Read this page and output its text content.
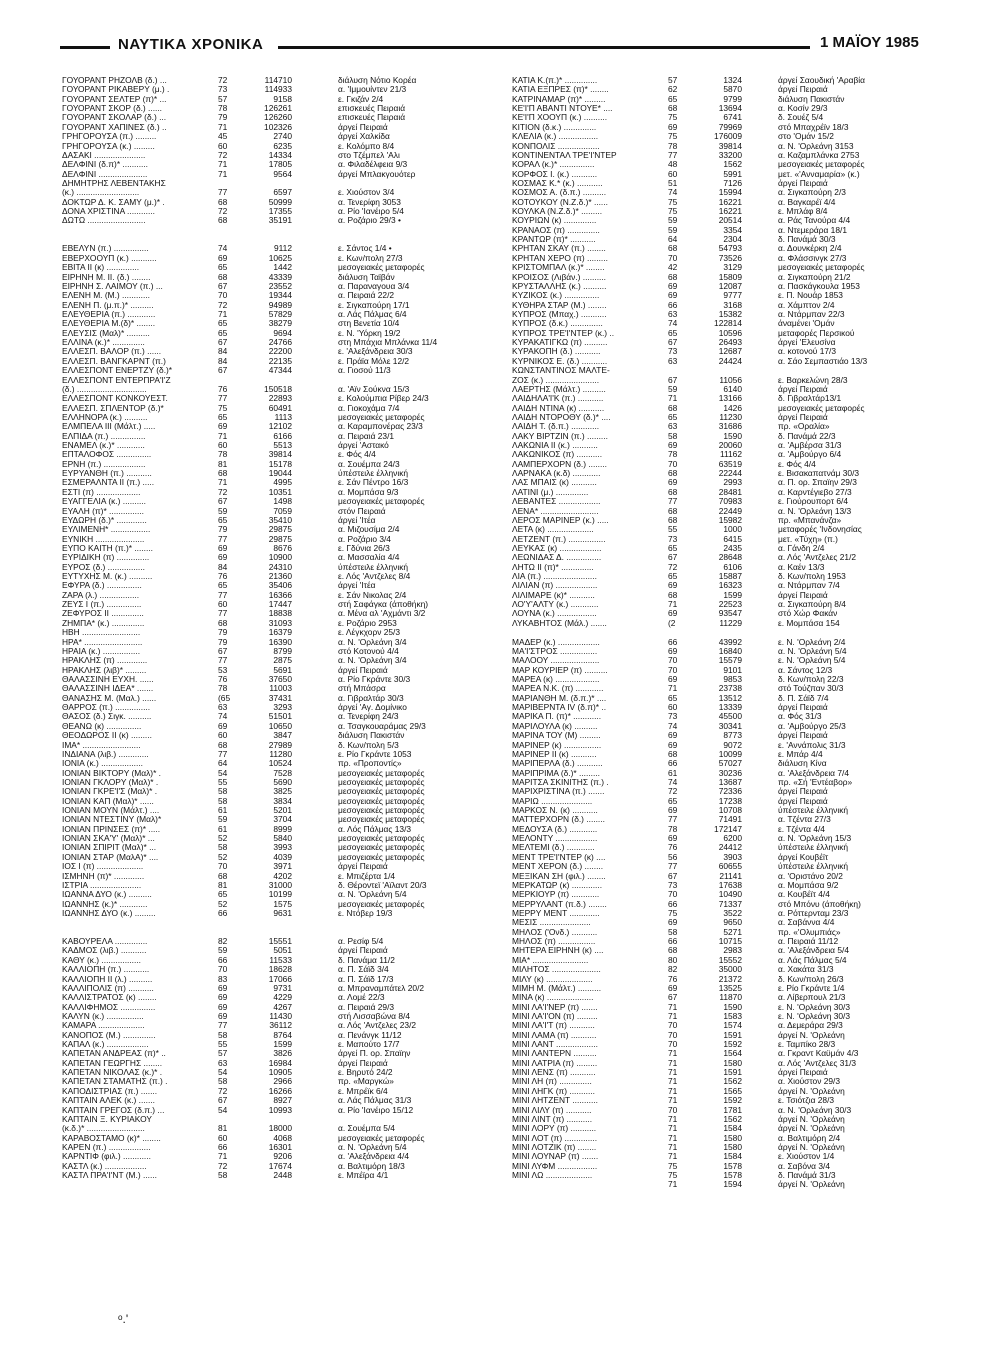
ΝΑΥΤΙΚΑ ΧΡΟΝΙΚΑ	1 ΜΑΪΟΥ 1985
ΓΟΥΟΡΑΝΤ ΡΗΖΟΛΒ (δ.) ...	72	114710	διάλυση Νότιο Κορέα
ΓΟΥΟΡΑΝΤ ΡΙΚΑΒΕΡΥ (μ.) .	73	114933	α. 'Ιμμουίντεν 21/3
ΓΟΥΟΡΑΝΤ ΣΕΛΤΕΡ (π)* ...	57	9158	ε. Γκιζάν 2/4
ΓΟΥΟΡΑΝΤ ΣΚΟΡ (δ.) ......	78	126261	επισκευές Πειραιά
ΓΟΥΟΡΑΝΤ ΣΚΟΛΑΡ (δ.) ...	79	126260	επισκευές Πειραιά
ΓΟΥΟΡΑΝΤ ΧΑΠΙΝΕΣ (δ.) ..	71	102326	άργεί Πειραιά
ΓΡΗΓΟΡΟΥΣΑ (π.) .........	45	2740	άργεί Χαλκίδα
ΓΡΗΓΟΡΟΥΣΑ (κ.) .........	60	6235	ε. Κολόμπο 8/4
ΔΑΣΑΚΙ ......................	72	14334	στο Τζέμπελ 'Αλι
ΔΕΛΦΙΝΙ (δ.π)* ...........	71	17805	α. Φιλαδέλφεια 9/3
ΔΕΛΦΙΝΙ .....................	71	9564	άργεί Μπλακγουότερ
ΔΗΜΗΤΡΗΣ ΛΕΒΕΝΤΑΚΗΣ
(κ.) ...........................	77	6597	ε. Χιούστον 3/4
ΔΟΚΤΩΡ Δ. Κ. ΣΑΜΥ (μ.)* .	68	50999	α. Τενερίφη 3053
ΔΟΝΑ ΧΡΙΣΤΙΝΑ ............	72	17355	α. Ρίο 'Ιανέιρο 5/4
ΔΩΤΩ .........................	68	35191	α. Ροζάριο 29/3 •
ΕΒΕΛΥΝ (π.) ...............	74	9112	ε. Σάντος 1/4 •
ΕΒΕΡΧΟΟΥΠ (κ.) ...........	69	10625	ε. Κων/πολη 27/3
ΕΒΙΤΑ II (κ) ..............	65	1442	μεσογειακές μεταφορές
ΕΙΡΗΝΗ Μ. II. (δ.) ........	68	43339	διάλυση Ταϊβάν
ΕΙΡΗΝΗ Σ. ΛΑΙΜΟΥ (π.) ...	67	23552	α. Παραναγουα 3/4
ΕΛΕΝΗ Μ. (Μ.) ............	70	19344	α. Πειραιά 22/2
ΕΛΕΝΗ Π. (μ.π.)* ..........	72	94989	ε. Σιγκαπούρη 17/1
ΕΛΕΥΘΕΡΙΑ (π.) ............	71	57829	α. Λάς Πάλμας 6/4
ΕΛΕΥΘΕΡΙΑ Μ.(δ)* ........	65	38279	στη Βενετία 10/4
ΕΛΕΥΣΙΣ (Μαλ)* ..........	65	9694	ε. Ν. 'Υόρκη 19/2
ΕΛΛΙΝΑ (κ.)* ..............	67	24766	στη Μπάχια Μπλάνκα 11/4
ΕΛΛΕΣΠ. ΒΑΛΟΡ (π.) ......	84	22200	ε. 'Αλεξάνδρεια 30/3
ΕΛΛΕΣΠ. ΒΑΝΓΚΑΡΝΤ (π.)	84	22135	ε. Πράϊα Μόλε 12/2
ΕΛΛΕΣΠΟΝΤ ΕΝΕΡΤΖΥ (δ.)*	67	47344	α. Γιοσού 11/3
ΕΛΛΕΣΠΟΝΤ ΕΝΤΕΡΠΡΑ'Ι'Ζ
(δ.) ..............................	76	150518	α. 'Αϊν Σούκνα 15/3
ΕΛΛΕΣΠΟΝΤ ΚΟΝΚΟΥΕΣΤ.	77	22893	ε. Κολούμπια Ρίβερ 24/3
ΕΛΛΕΣΠ. ΣΠΛΕΝΤΟΡ (δ.)*	75	60491	α. Γιοκοχάμα 7/4
ΕΛΛΗΝΟΡΑ (κ.) ..........	65	1113	μεσογειακές μεταφορές
ΕΛΜΠΕΛΑ III (Μάλτ.) .....	69	12102	α. Καραμπονέρας 23/3
ΕΛΠΙΔΑ (π.) ...............	71	6166	α. Πειραιά 23/1
ΕΝΑΜΕΛ (κ.)* ............	60	5513	άργεί 'Αστακό
ΕΠΤΑΛΟΦΟΣ ...............	78	39814	ε. Φός 4/4
ΕΡΝΗ (π.) ..................	81	15178	α. Σουέμπα 24/3
ΕΥΡΥΑΝΘΗ (π.) ...........	68	19044	ύπέστειλε έλληνική
ΕΣΜΕΡΑΛΝΤΑ II (π.) .....	71	4995	ε. Σάν Πέντρο 16/3
ΕΣΤΙ (π) ...................	72	10351	α. Μομπάσα 9/3
ΕΥΑΓΓΕΛΙΑ (κ.) ..........	67	1498	μεσογειακές μεταφορές
ΕΥΑΛΗ (π)* ...............	59	7059	στόν Πειραιά
ΕΥΔΩΡΗ (δ.)* .............	65	35410	άργεί 'Ιτέα
ΕΥΛΙΜΕΝΗ* .................	79	29875	α. Μιζουσίμα 2/4
ΕΥΝΙΚΗ .....................	77	29875	α. Ροζάριο 3/4
ΕΥΠΟ ΚΑΙΤΗ (π.)* ........	69	8676	ε. Γδύνια 26/3
ΕΥΡΙΔΙΚΗ (π) ..............	69	10900	α. Μασσαλία 4/4
ΕΥΡΟΣ (δ.) ................	84	24310	ύπέστειλε έλληνική
ΕΥΤΥΧΗΣ Μ. (κ.) ..........	76	21360	ε. Λός 'Αντζελες 8/4
ΕΦΥΡΑ (δ.) ...............	65	35406	άργεί 'Ιτέα
ΖΑΡΑ (λ.) .................	77	16366	ε. Σάν Νικολας 2/4
ΖΕΥΣ I (π.) ...............	60	17447	στή Σαφάγκα (άποθήκη)
ΖΕΦΥΡΟΣ II ..............	77	18838	α. Μένα αλ 'Αχμάντι 3/2
ΖΗΜΠΑ* (κ.) ..............	68	31093	ε. Ροζάριο 2953
ΗΒΗ .........................	79	16379	ε. Λέγκχορν 25/3
ΗΡΑ* .........................	79	16390	α. Ν. 'Ορλεάνη 3/4
ΗΡΑΙΑ (κ.) ................	67	8799	στό Κοτονού 4/4
ΗΡΑΚΛΗΣ (π) .............	77	2875	α. Ν. 'Ορλεάνη 3/4
ΗΡΑΚΛΗΣ (λιβ)* .........	53	5691	άργεί Πειραιά
ΘΑΛΑΣΣΙΝΗ ΕΥΧΗ. ......	76	37650	α. Ρίο Γκράντε 30/3
ΘΑΛΑΣΣΙΝΗ ΙΔΕΑ* .......	78	11003	στή Μπάσρα
ΘΑΝΑΣΗΣ Μ. (Μαλ.) ......	(65	37431	α. Γιβραλτάρ 30/3
ΘΑΡΡΟΣ (π.) ...............	63	3293	άργεί 'Αγ. Δομίνικο
ΘΑΣΟΣ (δ.) Σιγκ. ..........	74	51501	α. Τενερίφη 24/3
ΘΕΑΝΩ (κ) ...............	69	10650	α. Τσαγκουαράμας 29/3
ΘΕΟΔΩΡΟΣ II (κ) .........	60	3847	διάλυση Πακιστάν
ΙΜΑ* .........................	68	27989	δ. Κων/πολη 5/3
ΙΝΔΙΑΝΑ (λιβ.) .............	77	11280	ε. Ρίο Γκράντε 1053
ΙΟΝΙΑ (κ.) ..................	64	10524	πρ. «Προποντίς»
ΙΟΝΙΑΝ ΒΙΚΤΟΡΥ (Μαλ)* .	54	7528	μεσογειακές μεταφορές
ΙΟΝΙΑΝ ΓΚΛΟΡΥ (Μαλ)* .	55	5690	μεσογειακές μεταφορές
ΙΟΝΙΑΝ ΓΚΡΕ'Ι'Σ (Μαλ)* .	58	3825	μεσογειακές μεταφορές
ΙΟΝΙΑΝ ΚΑΠ (Μαλ)* ......	58	3834	μεσογειακές μεταφορές
ΙΟΝΙΑΝ ΜΟΥΝ (Μάλτ.) ....	61	5201	μεσογειακές μεταφορές
ΙΟΝΙΑΝ ΝΤΕΣΤΙΝΥ (Μαλ)*	59	3704	μεσογειακές μεταφορές
ΙΟΝΙΑΝ ΠΡΙΝΣΕΣ (π)* .....	61	8999	α. Λός Πάλμας 13/3
ΙΟΝΙΑΝ ΣΚΑ'Υ' (Μαλ)* ...	52	5840	μεσογειακές μεταφορές
ΙΟΝΙΑΝ ΣΠΙΡΙΤ (Μαλ)* ...	58	3993	μεσογειακές μεταφορές
ΙΟΝΙΑΝ ΣΤΑΡ (ΜαλΑ)* ....	52	4039	μεσογειακές μεταφορές
ΙΟΣ I (π) ....................	70	3971	άργεί Πειραιά
ΙΣΜΗΝΗ (π)* .............	68	4202	ε. Μπιζέρτα 1/4
ΙΣΤΡΙΑ ......................	81	31000	δ. Θέροντεϊ 'Αϊλαντ 20/3
ΙΩΑΝΝΑ ΔΥΟ (κ.) ..........	65	10199	α. Ν. 'Ορλεάνη 5/4
ΙΩΑΝΝΗΣ (κ.)* ............	52	1575	μεσογειακές μεταφορές
ΙΩΑΝΝΗΣ ΔΥΟ (κ.) .........	66	9631	ε. Ντόβερ 19/3
ΚΑΒΟΥΡΕΛΑ ..............	82	15551	α. Ρεσίφ 5/4
ΚΑΔΜΟΣ (λιβ.) ...........	59	5051	άργεί Πειραιά
ΚΑΘΥ (κ.) .................	66	11533	δ. Πανάμα 11/2
ΚΑΛΛΙΟΠΗ (π.) ...........	70	18628	α. Π. Σάϊδ 3/4
ΚΑΛΛΙΟΠΗ II (λ.) ..........	83	17066	α. Π. Σάϊδ 17/3
ΚΑΛΛΙΠΟΛΙΣ (π) ...........	69	9731	α. Μπραναμπάτελ 20/2
ΚΑΛΛΙΣΤΡΑΤΟΣ (κ) ........	69	4229	α. Λομέ 22/3
ΚΑΛΛΙΦΗΜΟΣ ...............	69	4267	α. Πειραιά 29/3
ΚΑΛΥΝ (κ.) ................	69	11430	στή Λισσαβώνα 8/4
ΚΑΜΑΡΑ ....................	77	36112	α. Λός 'Αντζελες 23/2
ΚΑΝΟΠΟΣ (Μ.) ..............	58	8764	α. Πενάνγκ 11/12
ΚΑΠΑΛ (κ.) ..................	55	1599	ε. Μαπούτο 17/7
ΚΑΠΕΤΑΝ ΑΝΔΡΕΑΣ (π)* ..	57	3826	άργεί Π. ορ. Σπαϊην
ΚΑΠΕΤΑΝ ΓΕΩΡΓΗΣ ........	63	16984	άργεί Πειραιά
ΚΑΠΕΤΑΝ ΝΙΚΟΛΑΣ (κ.)* .	54	10905	ε. Βηρυτό 24/2
ΚΑΠΕΤΑΝ ΣΤΑΜΑΤΗΣ (π.) .	58	2966	πρ. «Μαργκώ»
ΚΑΠΟΔΙΣΤΡΙΑΣ (π.) .......	72	16266	ε. Μπρέϊκ 6/4
ΚΑΠΤΑΙΝ ΑΛΕΚ (κ.) .......	67	8927	α. Λάς Πάλμας 31/3
ΚΑΠΤΑΙΝ ΓΡΕΓΟΣ (δ.π.) ...	54	10993	α. Ρίο 'Ιανέιρο 15/12
ΚΑΠΤΑΙΝ Ξ. ΚΥΡΙΑΚΟΥ
(κ.δ.)* .........................	81	18000	α. Σουέμπα 5/4
ΚΑΡΑΒΟΣΤΑΜΟ (κ)* ........	60	4068	μεσογειακές μεταφορές
ΚΑΡΕΝ (π.) ..................	66	16301	α. Ν. 'Ορλεάνη 5/4
ΚΑΡΝΤΙΦ (φιλ.) ............	71	9206	α. 'Αλεξάνδρεια 4/4
ΚΑΣΤΛ (κ.) ..................	72	17674	α. Βαλτιμόρη 18/3
ΚΑΣΤΛ ΠΡΑ'Ι'ΝΤ (Μ.) ......	58	2448	ε. Μπέϊρα 4/1
ΚΑΤΙΑ Κ.(π.)* ..............	57	1324	άργεί Σαουδική 'Αραβία
ΚΑΤΙΑ ΕΞΠΡΕΣ (π)* ........	62	5870	άργεί Πειραιά
ΚΑΤΡΙΝΑΜΑΡ (π)* .........	65	9799	διάλυση Πακιστάν
ΚΕ'Ι'Π ΑΒΑΝΤΙ ΝΤΟΥΕ* ....	68	13694	α. Κοσίν 29/3
ΚΕ'Ι'Π ΧΟΟΥΠ (κ.) ..........	75	6741	δ. Σουέζ 5/4
ΚΙΤΙΟΝ (δ.κ.) ..............	69	79969	στό Μπαχρέϊν 18/3
ΚΛΕΛΙΑ (κ.) .................	75	176009	στο 'Ομάν 15/2
ΚΟΝΠΟΛΙΣ ..................	78	39814	α. Ν. 'Ορλεάνη 3153
ΚΟΝΤΙΝΕΝΤΑΛ ΤΡΕ'Ι'ΝΤΕΡ	77	33200	α. Καζαμπλάνκα 2753
ΚΟΡΑΛ (κ.)* ...............	48	1562	μεσογειακές μεταφορές
ΚΟΡΦΟΣ I. (κ.) ...........	60	5991	μετ. «'Ανναμαρία» (κ.)
ΚΟΣΜΑΣ Κ.* (κ.) ...........	51	7126	άργεί Πειραιά
ΚΟΣΜΟΣ Α. (δ.π.) ..........	74	15994	α. Σιγκαπούρη 2/3
ΚΟΤΟΥΚΟΥ (Ν.Ζ.δ.)* ......	75	16221	α. Βαγκαρέϊ 4/4
ΚΟΥΛΚΑ (Ν.Ζ.δ.)* .........	75	16221	ε. Μπλάφ 8/4
ΚΟΥΡΙΩΝ (κ) ..............	59	20514	α. Ράς Τανούρα 4/4
ΚΡΑΝΑΟΣ (π) ..............	59	3354	α. Ντεμεράρα 18/1
ΚΡΑΝΤΩΡ (π)* ...........	64	2304	δ. Πανάμά 30/3
ΚΡΗΤΑΝ ΣΚΑΥ (π.) ........	68	54793	α. Δουνκέρκη 2/4
ΚΡΗΤΑΝ ΧΕΡΟ (π) .........	70	73526	α. Φλάσσινγκ 27/3
ΚΡΙΣΤΟΜΠΑΛ (κ.)* ........	42	3129	μεσογειακές μεταφορές
ΚΡΟΙΣΟΣ (Λιβάν.) ..........	68	15809	α. Σιγκαπούρη 21/2
ΚΡΥΣΤΑΛΛΗΣ (κ.) ..........	69	12087	α. Πασκάγκουλα 1953
ΚΥΖΙΚΟΣ (κ.) ...............	69	9777	ε. Π. Νουάρ 1853
ΚΥΘΗΡΑ ΣΤΑΡ (Μ.) ........	66	3168	α. Χάμπτον 2/4
ΚΥΠΡΟΣ (Μπαχ.) ...........	63	15382	α. Ντάρμπαν 22/3
ΚΥΠΡΟΣ (δ.κ.) ..............	74	122814	άναμένει 'Ομάν
ΚΥΠΡΟΣ ΤΡΕ'Ι'ΝΤΕΡ (κ.) ..	65	10596	μεταφορές Περσικού
ΚΥΡΑΚΑΤΙΓΚΩ (π) ..........	67	26493	άργεί 'Ελευσίνα
ΚΥΡΑΚΟΠΗ (δ.) ...........	73	12687	α. κοτονού 17/3
ΚΥΡΝΙΚΟΣ Ε. (δ.) ...........	63	24424	α. Σάο Σεμπαστιάο 13/3
ΚΩΝΣΤΑΝΤΙΝΟΣ ΜΑΛΤΕ-
ΖΟΣ (κ.) .......................	67	11056	ε. Βαρκελώνη 28/3
ΛΑΕΡΤΗΣ (Μάλτ.) ..........	59	6140	άργεί Πειραιά
ΛΑΙΔΗΛΑ'Ι'Κ (π.) ...........	71	13166	δ. Γιβραλτάρ13/1
ΛΑΙΔΗ ΝΤΙΝΑ (κ) ...........	68	1426	μεσογειακές μεταφορές
ΛΑΙΔΗ ΝΤΟΡΟΘΥ (δ.)* ....	65	11230	άργεί Πειραιά
ΛΑΙΔΗ Τ. (δ.π.) ............	63	31686	πρ. «Οραλία»
ΛΑΚΥ ΒΙΡΤΖΙΝ (π.) .........	58	1590	δ. Πανάμά 22/3
ΛΑΚΩΝΙΑ II (κ.) ...........	69	20060	α. 'Αμβέρσα 31/3
ΛΑΚΩΝΙΚΟΣ (π) ...........	78	11162	α. 'Αμβούργο 6/4
ΛΑΜΠΕΡΧΟΡΝ (δ.) ........	70	63519	ε. Φός 4/4
ΛΑΡΝΑΚΑ (κ.δ) ............	68	22244	ε. Βισακαπατνάμ 30/3
ΛΑΣ ΜΠΑΙΣ (κ) ...........	69	2993	α. Π. ορ. Σπαϊην 29/3
ΛΑΤΙΝΙ (μ.) ..............	68	28481	α. Καρντέγιεβο 27/3
ΛΕΒΑΝΤΕΣ ..................	77	70983	ε. Γιούρουπορτ 6/4
ΛΕΝΑ* .........................	68	22449	α. Ν. 'Ορλεάνη 13/3
ΛΕΡΟΣ ΜΑΡΙΝΕΡ (κ.) .....	68	15982	πρ. «Μπανάνζα»
ΛΕΤΑ (κ) ....................	55	1000	μεταφορές 'Ινδονησίας
ΛΕΤΖΕΝΤ (π.) ................	73	6415	μετ. «Τύχη» (π.)
ΛΕΥΚΑΣ (κ) ..................	65	2435	α. Γάνδη 2/4
ΛΕΩΝΙΔΑΣ Δ. ...............	67	28648	α. Λός 'Αντζελες 21/2
ΛΗΤΩ II (π)* ..............	72	6106	α. Καέν 13/3
ΛΙΑ (π.) .......................	65	15887	δ. Κων/πολη 1953
ΛΙΛΙΑΝ (π) ..................	69	16323	α. Ντάρμπαν 7/4
ΛΙΛΙΜΑΡΕ (κ)* ...........	68	1599	άργεί Πειραιά
ΛΟ'Υ'ΑΛΤΥ (κ.) ............	71	22523	α. Σιγκαπούρη 8/4
ΛΟΥΝΑ (κ.) .................	69	93547	στό Χώρ Φακάν
ΛΥΚΑΒΗΤΟΣ (Μάλ.) .......	(2	11229	ε. Μομπάσα 154
ΜΑΔΕΡ (κ.) ..................	66	43992	ε. Ν. 'Ορλεάνη 2/4
ΜΑ'Ι'ΣΤΡΟΣ ................	69	16840	α. Ν. 'Ορλεάνη 5/4
ΜΑΛΟΟΥ .....................	70	15579	ε. Ν. 'Ορλεάνη 5/4
ΜΑΡ ΚΟΥΡΙΕΡ (π) ..........	70	9101	α. Σάντος 12/3
ΜΑΡΕΑ (κ) ...................	69	9853	δ. Κων/πολη 22/3
ΜΑΡΕΑ Ν.Κ. (π) ............	71	23738	στό Τούζπαν 30/3
ΜΑΡΙΑΝΘΗ Μ. (δ.π.)* ....	65	13512	δ. Π. Σάϊδ 7/4
ΜΑΡΙΒΕΡΝΤΑ IV (δ.π)* ..	60	13339	άργεί Πειραιά
ΜΑΡΙΚΑ Π. (π)* ............	73	45500	α. Φός 31/3
ΜΑΡΙΛΟΥΛΑ (κ) ..........	74	30341	α. 'Αμβούργο 25/3
ΜΑΡΙΝΑ ΤΟΥ (Μ) .........	69	8773	άργεί Πειραιά
ΜΑΡΙΝΕΡ (κ) ................	69	9072	ε. 'Αννάπολις 31/3
ΜΑΡΙΝΕΡ II (κ) ...........	68	10099	ε. Μπάρ 4/4
ΜΑΡΙΠΕΡΛΑ (δ.) ...........	66	57027	διάλυση Κίνα
ΜΑΡΙΠΡΙΜΑ (δ.)* .........	61	30236	α. 'Αλεξάνδρεια 7/4
ΜΑΡΙΤΣΑ ΣΚΙΝΙΤΗΣ (π.) .	74	13687	πρ. «Σή 'Εντέαβορ»
ΜΑΡΙΧΡΙΣΤΙΝΑ (π.) .......	72	72336	άργεί Πειραιά
ΜΑΡΙΩ ......................	65	17238	άργεί Πειραιά
ΜΑΡΚΟΣ Ν. (κ) ...........	69	10708	ύπέστειλε έλληνική
ΜΑΤΤΕΡΧΟΡΝ (δ.) ........	77	71491	α. Τζέντα 27/3
ΜΕΔΟΥΣΑ (δ.) ............	78	172147	ε. Τζέντα 4/4
ΜΕΛΟΝΤΥ ..................	69	6200	α. Ν. 'Ορλεάνη 15/3
ΜΕΛΤΕΜΙ (δ.) ............	76	24412	ύπέστειλε έλληνική
ΜΕΝΤ ΤΡΕ'Ι'ΝΤΕΡ (κ) ....	56	3903	άργεί Κουβέϊτ
ΜΕΝΤ ΧΕΡΟΝ (δ.) ........	77	60655	ύπέστειλε έλληνική
ΜΕΞΙΚΑΝ ΣΗ (φιλ.) ........	67	21141	α. 'Οριστάνο 20/2
ΜΕΡΚΑΤΩΡ (κ) .............	73	17638	α. Μομπάσα 9/2
ΜΕΡΚΙΟΥΡ (π) ............	70	10490	α. Κουβέϊτ 4/4
ΜΕΡΡΥΛΑΝΤ (π.δ.) ........	66	71337	στό Μπόνυ (άποθήκη)
ΜΕΡΡΥ ΜΕΝΤ .............	75	3522	α. Ρόττερνταμ 23/3
ΜΕΣΙΣ ......................	69	9650	α. Σαβάννα 4/4
ΜΗΛΟΣ ('Ονδ.) ...........	58	5271	πρ. «'Ολυμπιάς»
ΜΗΛΟΣ (π) ................	66	10715	α. Πειραιά 11/12
ΜΗΤΕΡΑ ΕΙΡΗΝΗ (κ) ....	68	2983	α. 'Αλεξάνδρεια 5/4
ΜΙΑ* ........................	80	15552	α. Λάς Πάλμας 5/4
ΜΙΛΗΤΟΣ .....................	82	35000	α. Χακάτα 31/3
ΜΙΛΥ (κ) ....................	76	21372	δ. Κων/πολη 26/3
ΜΙΜΗ Μ. (Μάλτ.) ..........	69	13525	ε. Ρίο Γκράντε 1/4
ΜΙΝΑ (κ) ....................	67	11870	α. Λίβερπουλ 21/3
ΜΙΝΙ ΛΑ'Ι'ΝΕΡ (π) .......	71	1590	ε. Ν. 'Ορλεάνη 30/3
ΜΙΝΙ ΛΑ'Ι'ΟΝ (π) .........	71	1583	ε. Ν. 'Ορλεάνη 30/3
ΜΙΝΙ ΛΑ'Ι'Τ (π) ...........	70	1574	α. Δεμεράρα 29/3
ΜΙΝΙ ΛΑΜΑ (π) ...........	70	1591	άργεί Ν. 'Ορλεάνη
ΜΙΝΙ ΛΑΝΤ ..................	70	1592	ε. Ταμπίκο 28/3
ΜΙΝΙ ΛΑΝΤΕΡΝ ..........	71	1564	α. Γκραντ Καϋμάν 4/3
ΜΙΝΙ ΛΑΤΡΙΑ (π) .........	71	1580	α. Λός 'Αντζελες 31/3
ΜΙΝΙ ΛΕΝΣ (π) ...........	71	1591	άργεί Πειραιά
ΜΙΝΙ ΛΗ (π) ..............	71	1562	α. Χιούστον 29/3
ΜΙΝΙ ΛΗΓΚ (π) ...........	71	1565	άργεί Ν. 'Ορλεάνη
ΜΙΝΙ ΛΗΤΖΕΝΤ ...........	71	1592	ε. Τσιότζια 28/3
ΜΙΝΙ ΛΙΛΥ (π) ...........	70	1781	α. Ν. 'Ορλεάνη 30/3
ΜΙΝΙ ΛΙΝΤ (π) ...........	71	1562	άργεί Ν. 'Ορλεάνη
ΜΙΝΙ ΛΟΡΥ (π) ...........	71	1584	άργεί Ν. 'Ορλεάνη
ΜΙΝΙ ΛΟΤ (π) ..............	71	1580	α. Βαλτιμόρη 2/4
ΜΙΝΙ ΛΟΤΖΙΚ (π) ........	71	1580	άργεί Ν. 'Ορλεάνη
ΜΙΝΙ ΛΟΥΝΑΡ (π) .......	71	1584	ε. Χιούστον 1/4
ΜΙΝΙ ΛΥΦΜ .................	75	1578	α. Σαβόνα 3/4
ΜΙΝΙ ΛΩ ....................	75	1578	δ. Πανάμά 31/3
71	1594	άργεί Ν. 'Ορλεάνη
ᵒ.'
